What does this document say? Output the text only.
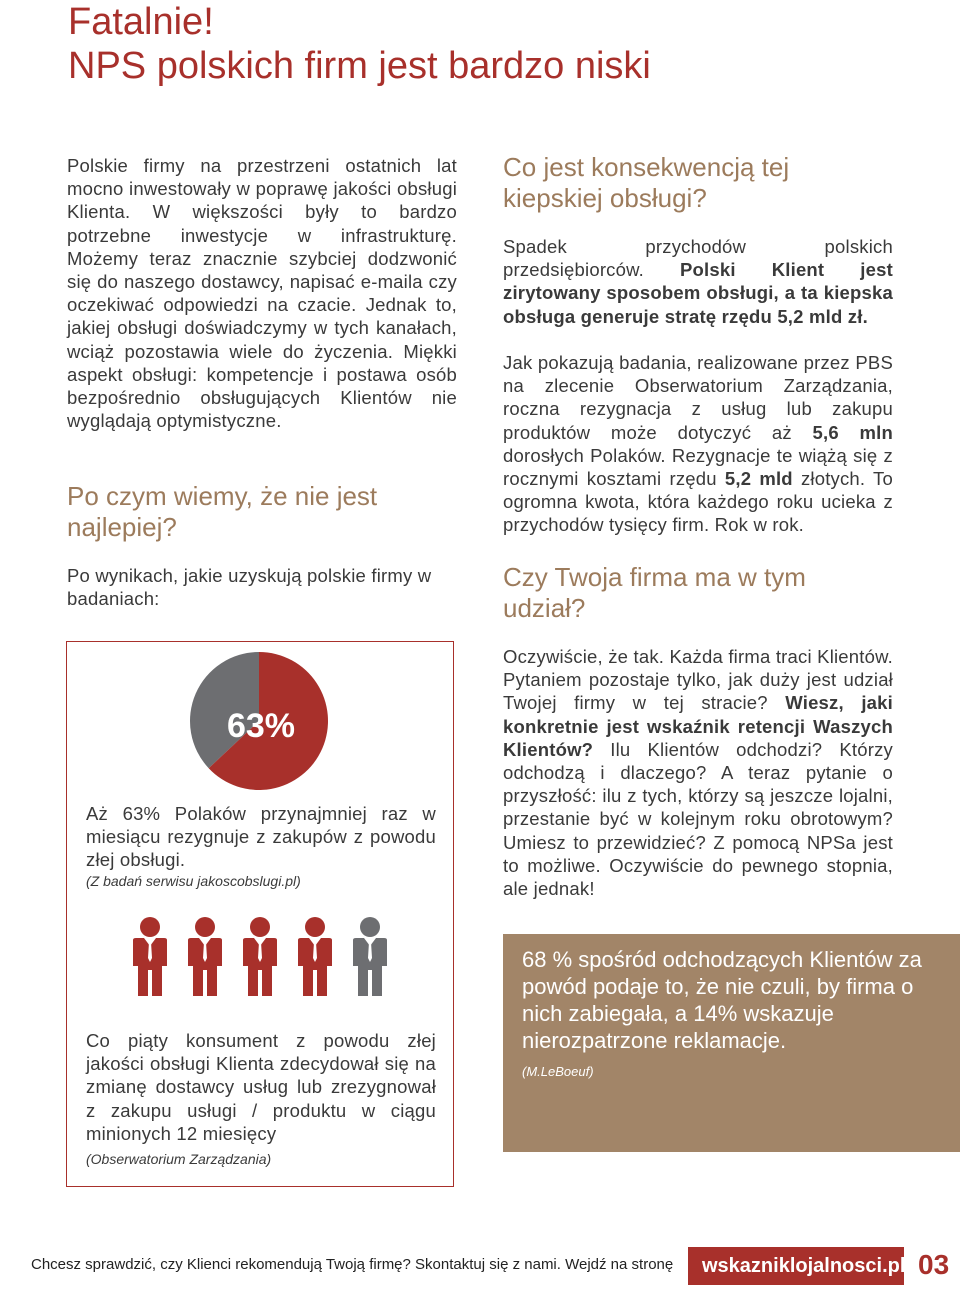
Fatalnie!
NPS polskich firm jest bardzo niski
Polskie firmy na przestrzeni ostatnich lat mocno inwestowały w poprawę jakości obsługi Klienta. W większości były to bardzo potrzebne inwestycje w infrastrukturę. Możemy teraz znacznie szybciej dodzwonić się do naszego dostawcy, napisać e-maila czy oczekiwać odpowiedzi na czacie. Jednak to, jakiej obsługi doświadczymy w tych kanałach, wciąż pozostawia wiele do życzenia. Miękki aspekt obsługi: kompetencje i postawa osób bezpośrednio obsługujących Klientów nie wyglądają optymistyczne.
Po czym wiemy, że nie jest najlepiej?
Po wynikach, jakie uzyskują polskie firmy w badaniach:
63%
Aż 63% Polaków przynajmniej raz w miesiącu rezygnuje z zakupów z powodu złej obsługi.
(Z badań serwisu jakoscobslugi.pl)
Co piąty konsument z powodu złej jakości obsługi Klienta zdecydował się na zmianę dostawcy usług lub zrezygnował z zakupu usługi / produktu w ciągu minionych 12 miesięcy
(Obserwatorium Zarządzania)
Co jest konsekwencją tej kiepskiej obsługi?
Spadek przychodów polskich przedsiębiorców. Polski Klient jest zirytowany sposobem obsługi, a ta kiepska obsługa generuje stratę rzędu 5,2 mld zł.
Jak pokazują badania, realizowane przez PBS na zlecenie Obserwatorium Zarządzania, roczna rezygnacja z usług lub zakupu produktów może dotyczyć aż 5,6 mln dorosłych Polaków. Rezygnacje te wiążą się z rocznymi kosztami rzędu 5,2 mld złotych. To ogromna kwota, która każdego roku ucieka z przychodów tysięcy firm. Rok w rok.
Czy Twoja firma ma w tym udział?
Oczywiście, że tak. Każda firma traci Klientów. Pytaniem pozostaje tylko, jak duży jest udział Twojej firmy w tej stracie? Wiesz, jaki konkretnie jest wskaźnik retencji Waszych Klientów? Ilu Klientów odchodzi? Którzy odchodzą i dlaczego? A teraz pytanie o przyszłość: ilu z tych, którzy są jeszcze lojalni, przestanie być w kolejnym roku obrotowym? Umiesz to przewidzieć? Z pomocą NPSa jest to możliwe. Oczywiście do pewnego stopnia, ale jednak!
68 % spośród odchodzących Klientów za powód podaje to, że nie czuli, by firma o nich zabiegała, a 14% wskazuje nierozpatrzone reklamacje.
(M.LeBoeuf)
Chcesz sprawdzić, czy Klienci rekomendują Twoją firmę? Skontaktuj się z nami. Wejdź na stronę	wskazniklojalnosci.pl 03
